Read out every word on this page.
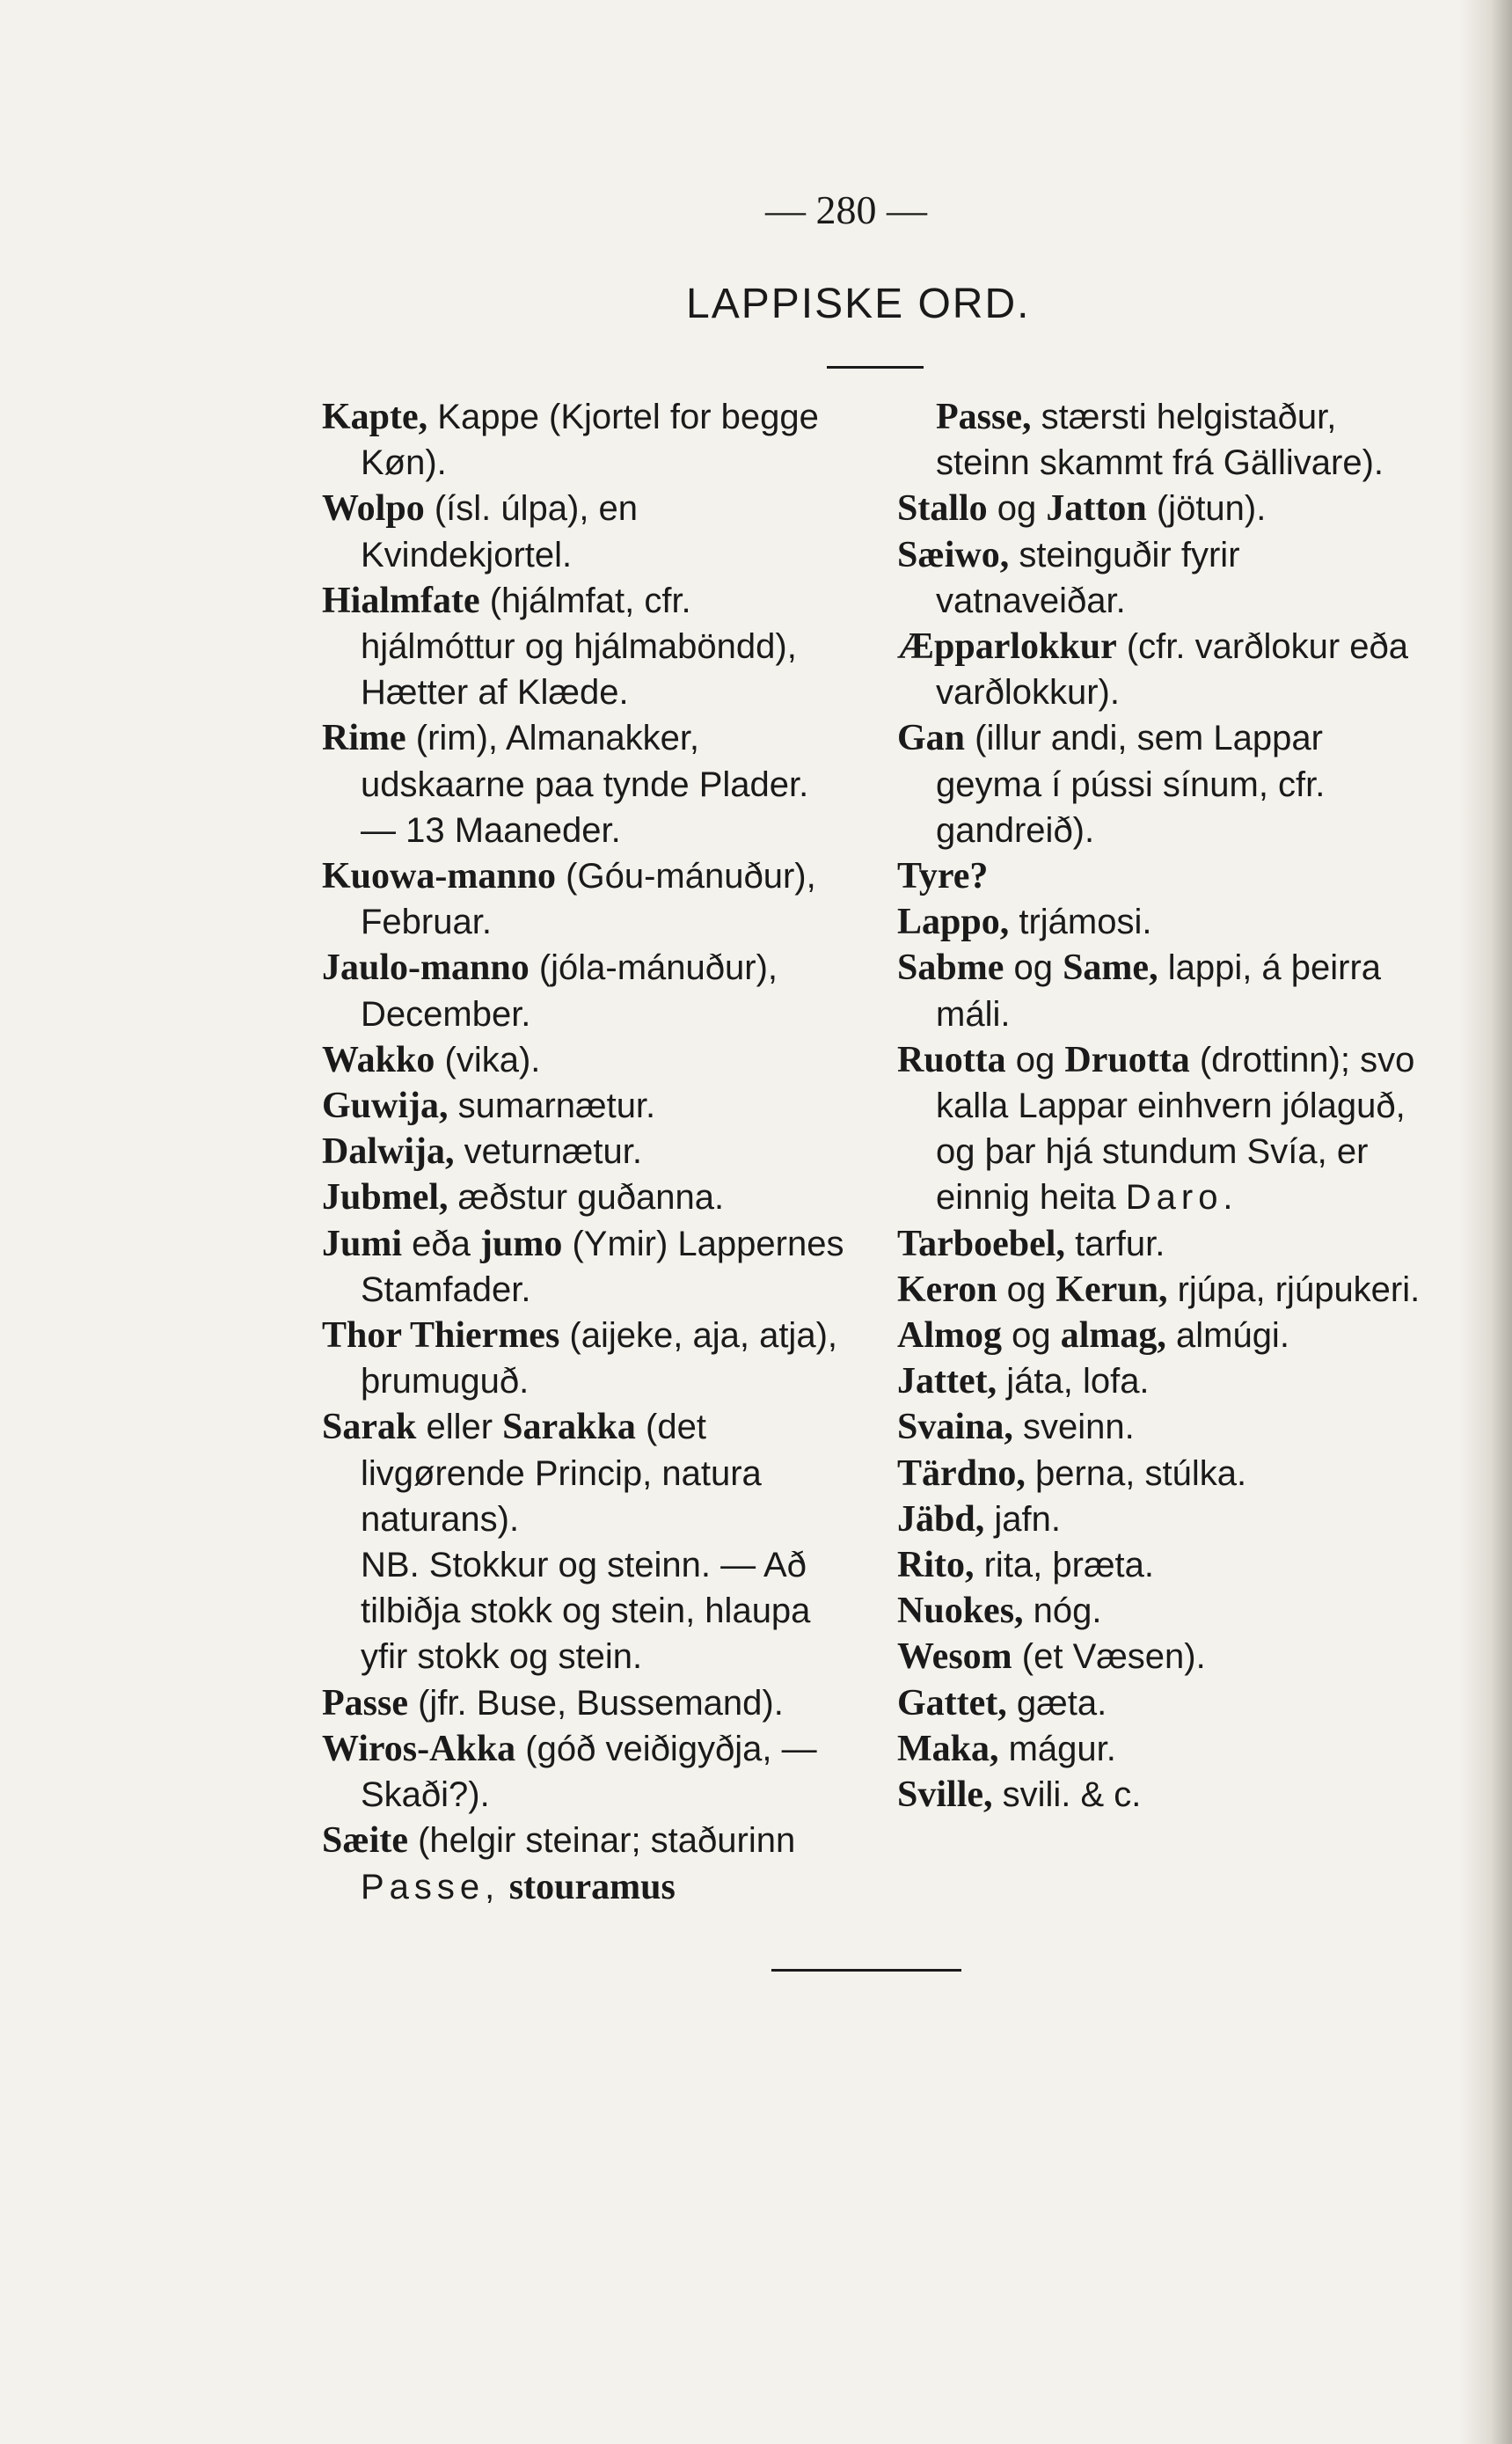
— 280 —
LAPPISKE ORD.

Kapte, Kappe (Kjortel for begge Køn).

Wolpo (ísl. úlpa), en Kvindekjortel.

Hialmfate (hjálmfat, cfr. hjálmóttur og hjálmaböndd), Hætter af Klæde.

Rime (rim), Almanakker, udskaarne paa tynde Plader. — 13 Maaneder.

Kuowa-manno (Góu-mánuður), Februar.

Jaulo-manno (jóla-mánuður), December.

Wakko (vika).

Guwija, sumarnætur.

Dalwija, veturnætur.

Jubmel, æðstur guðanna.

Jumi eða jumo (Ymir) Lappernes Stamfader.

Thor Thiermes (aijeke, aja, atja), þrumuguð.

Sarak eller Sarakka (det livgørende Princip, natura naturans).

NB. Stokkur og steinn. — Að tilbiðja stokk og stein, hlaupa yfir stokk og stein.

Passe (jfr. Buse, Bussemand).

Wiros-Akka (góð veiðigyðja, — Skaði?).

Sæite (helgir steinar; staðurinn Passe, stouramus

Passe, stærsti helgistaður, steinn skammt frá Gällivare).

Stallo og Jatton (jötun).

Sæiwo, steinguðir fyrir vatnaveiðar.

Æpparlokkur (cfr. varðlokur eða varðlokkur).

Gan (illur andi, sem Lappar geyma í pússi sínum, cfr. gandreið).

Tyre?

Lappo, trjámosi.

Sabme og Same, lappi, á þeirra máli.

Ruotta og Druotta (drottinn); svo kalla Lappar einhvern jólaguð, og þar hjá stundum Svía, er einnig heita Daro.

Tarboebel, tarfur.

Keron og Kerun, rjúpa, rjúpukeri.

Almog og almag, almúgi.

Jattet, játa, lofa.

Svaina, sveinn.

Tärdno, þerna, stúlka.

Jäbd, jafn.

Rito, rita, þræta.

Nuokes, nóg.

Wesom (et Væsen).

Gattet, gæta.

Maka, mágur.

Sville, svili. & c.
